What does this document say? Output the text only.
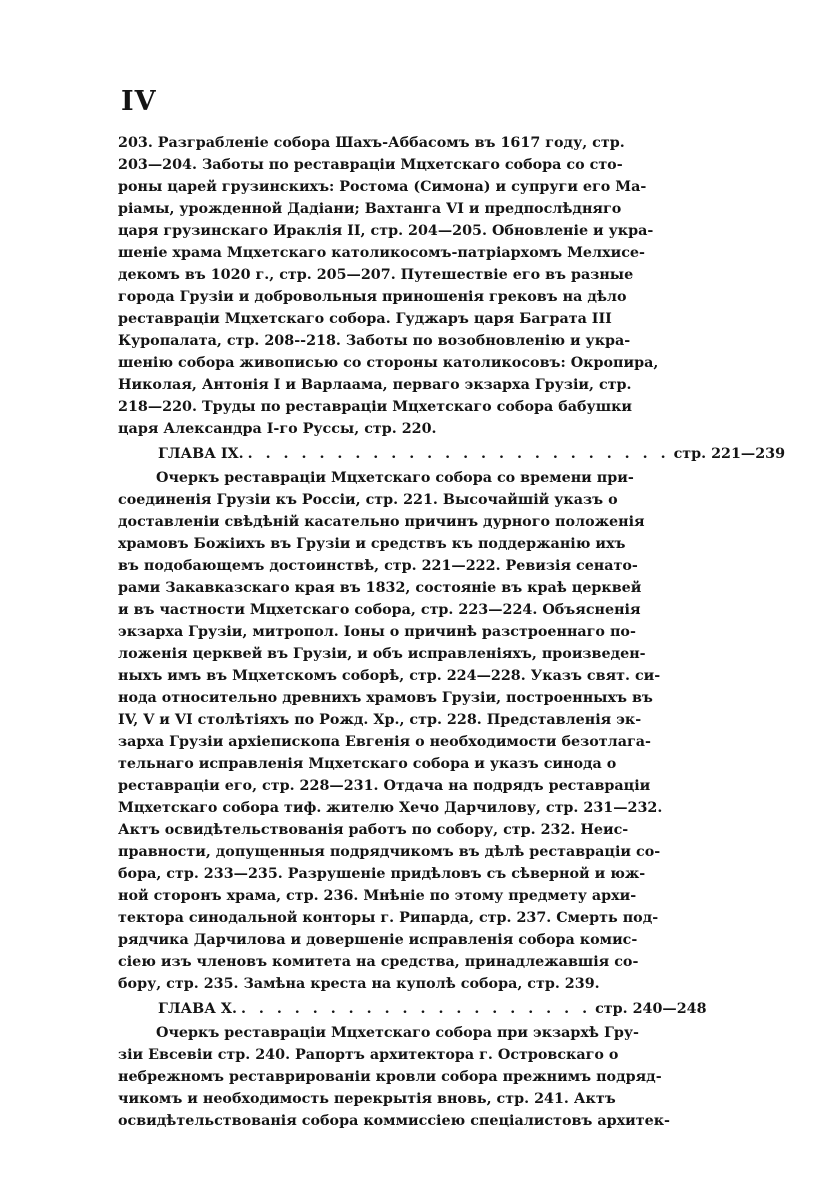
IV
203. Разграбленіе собора Шахъ-Аббасомъ въ 1617 году, стр.
203—204. Заботы по реставраціи Мцхетскаго собора со сто-
роны царей грузинскихъ: Ростома (Симона) и супруги его Ма-
ріамы, урожденной Дадіани; Вахтанга VI и предпослѣдняго
царя грузинскаго Ираклія II, стр. 204—205. Обновленіе и укра-
шеніе храма Мцхетскаго католикосомъ-патріархомъ Мелхисе-
декомъ въ 1020 г., стр. 205—207. Путешествіе его въ разные
города Грузіи и добровольныя приношенія грековъ на дѣло
реставраціи Мцхетскаго собора. Гуджаръ царя Баграта III
Куропалата, стр. 208--218. Заботы по возобновленію и укра-
шенію собора живописью со стороны католикосовъ: Окропира,
Николая, Антонія I и Варлаама, перваго экзарха Грузіи, стр.
218—220. Труды по реставраціи Мцхетскаго собора бабушки
царя Александра I-го Руссы, стр. 220.
ГЛАВА IX. . . . . . . . . . . . . . . . . . . . . . . . . стр. 221—239
Очеркъ реставраціи Мцхетскаго собора со времени при-
соединенія Грузіи къ Россіи, стр. 221. Высочайшій указъ о
доставленіи свѣдѣній касательно причинъ дурного положенія
храмовъ Божіихъ въ Грузіи и средствъ къ поддержанію ихъ
въ подобающемъ достоинствѣ, стр. 221—222. Ревизія сенато-
рами Закавказскаго края въ 1832, состояніе въ краѣ церквей
и въ частности Мцхетскаго собора, стр. 223—224. Объясненія
экзарха Грузіи, митропол. Іоны о причинѣ разстроеннаго по-
ложенія церквей въ Грузіи, и объ исправленіяхъ, произведен-
ныхъ имъ въ Мцхетскомъ соборѣ, стр. 224—228. Указъ свят. си-
нода относительно древнихъ храмовъ Грузіи, построенныхъ въ
IV, V и VI столѣтіяхъ по Рожд. Хр., стр. 228. Представленія эк-
зарха Грузіи архіепископа Евгенія о необходимости безотлага-
тельнаго исправленія Мцхетскаго собора и указъ синода о
реставраціи его, стр. 228—231. Отдача на подрядъ реставраціи
Мцхетскаго собора тиф. жителю Хечо Дарчилову, стр. 231—232.
Актъ освидѣтельствованія работъ по собору, стр. 232. Неис-
правности, допущенныя подрядчикомъ въ дѣлѣ реставраціи со-
бора, стр. 233—235. Разрушеніе придѣловъ съ сѣверной и юж-
ной сторонъ храма, стр. 236. Мнѣніе по этому предмету архи-
тектора синодальной конторы г. Рипарда, стр. 237. Смерть под-
рядчика Дарчилова и довершеніе исправленія собора комис-
сіею изъ членовъ комитета на средства, принадлежавшія со-
бору, стр. 235. Замѣна креста на куполѣ собора, стр. 239.
ГЛАВА X. . . . . . . . . . . . . . . . . . . . . стр. 240—248
Очеркъ реставраціи Мцхетскаго собора при экзархѣ Гру-
зіи Евсевіи стр. 240. Рапортъ архитектора г. Островскаго о
небрежномъ реставрированіи кровли собора прежнимъ подряд-
чикомъ и необходимость перекрытія вновь, стр. 241. Актъ
освидѣтельствованія собора коммиссіею спеціалистовъ архитек-
